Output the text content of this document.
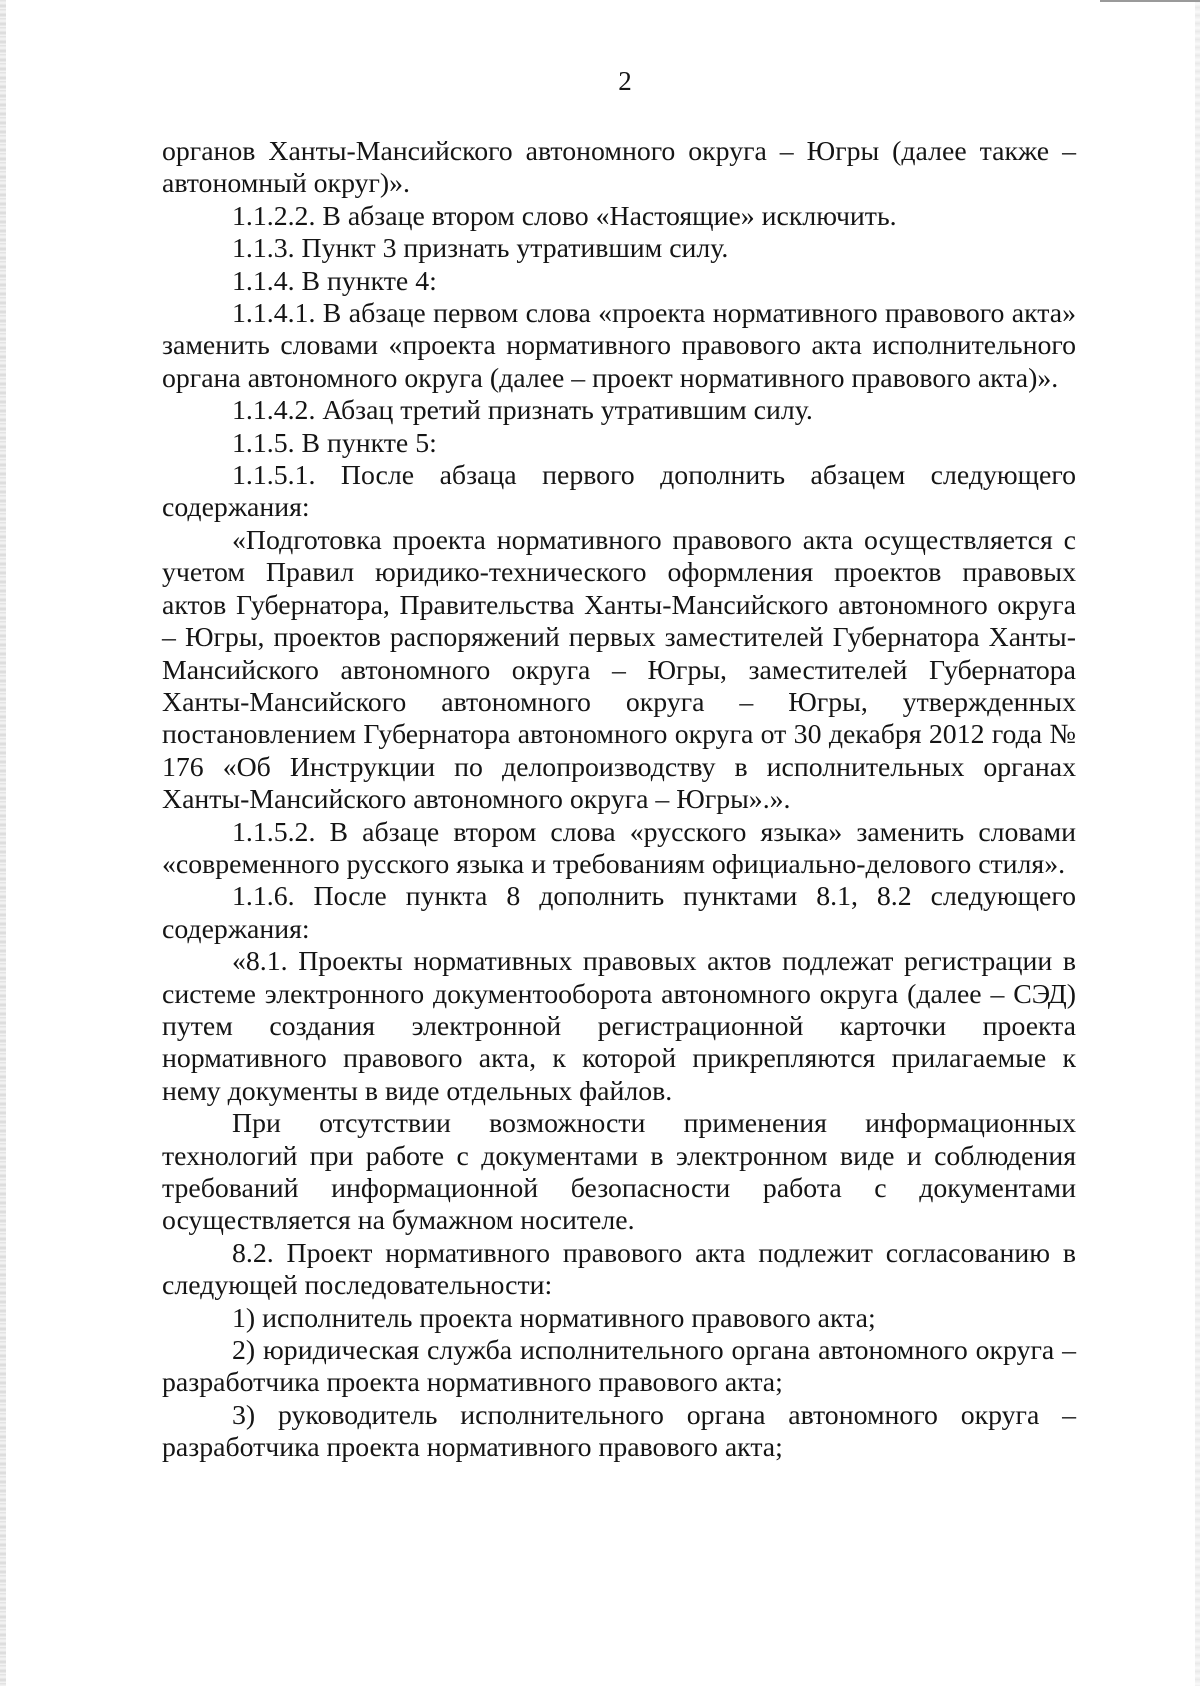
2

органов Ханты-Мансийского автономного округа – Югры (далее также – автономный округ)».

1.1.2.2. В абзаце втором слово «Настоящие» исключить.

1.1.3. Пункт 3 признать утратившим силу.

1.1.4. В пункте 4:

1.1.4.1. В абзаце первом слова «проекта нормативного правового акта» заменить словами «проекта нормативного правового акта исполнительного органа автономного округа (далее – проект нормативного правового акта)».

1.1.4.2. Абзац третий признать утратившим силу.

1.1.5. В пункте 5:

1.1.5.1. После абзаца первого дополнить абзацем следующего содержания:

«Подготовка проекта нормативного правового акта осуществляется с учетом Правил юридико-технического оформления проектов правовых актов Губернатора, Правительства Ханты-Мансийского автономного округа – Югры, проектов распоряжений первых заместителей Губернатора Ханты-Мансийского автономного округа – Югры, заместителей Губернатора Ханты-Мансийского автономного округа – Югры, утвержденных постановлением Губернатора автономного округа от 30 декабря 2012 года № 176 «Об Инструкции по делопроизводству в исполнительных органах Ханты-Мансийского автономного округа – Югры».».

1.1.5.2. В абзаце втором слова «русского языка» заменить словами «современного русского языка и требованиям официально-делового стиля».

1.1.6. После пункта 8 дополнить пунктами 8.1, 8.2 следующего содержания:

«8.1. Проекты нормативных правовых актов подлежат регистрации в системе электронного документооборота автономного округа (далее – СЭД) путем создания электронной регистрационной карточки проекта нормативного правового акта, к которой прикрепляются прилагаемые к нему документы в виде отдельных файлов.

При отсутствии возможности применения информационных технологий при работе с документами в электронном виде и соблюдения требований информационной безопасности работа с документами осуществляется на бумажном носителе.

8.2. Проект нормативного правового акта подлежит согласованию в следующей последовательности:

1) исполнитель проекта нормативного правового акта;

2) юридическая служба исполнительного органа автономного округа – разработчика проекта нормативного правового акта;

3) руководитель исполнительного органа автономного округа – разработчика проекта нормативного правового акта;
